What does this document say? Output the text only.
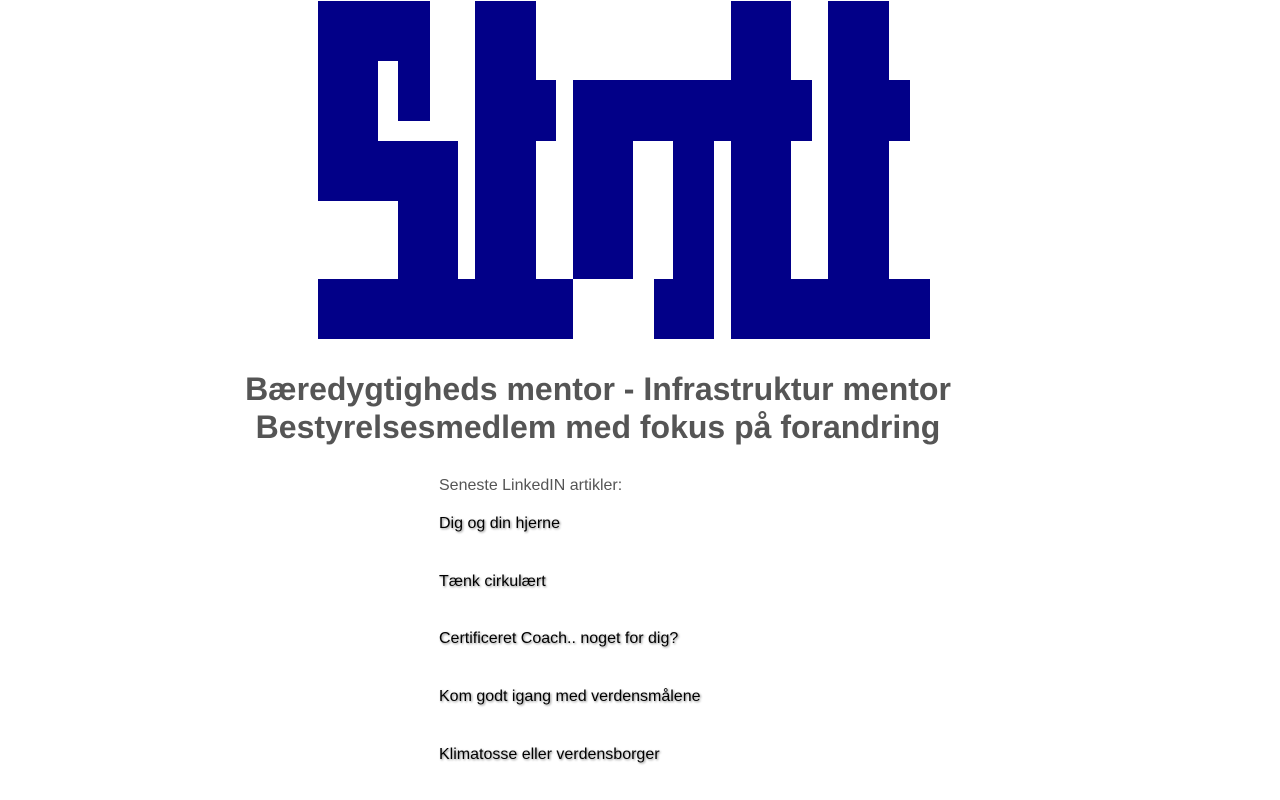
Bæredygtigheds mentor - Infrastruktur mentor
Bestyrelsesmedlem med fokus på forandring
Seneste LinkedIN artikler:
Dig og din hjerne
Tænk cirkulært
Certificeret Coach.. noget for dig?
Kom godt igang med verdensmålene
Klimatosse eller verdensborger
